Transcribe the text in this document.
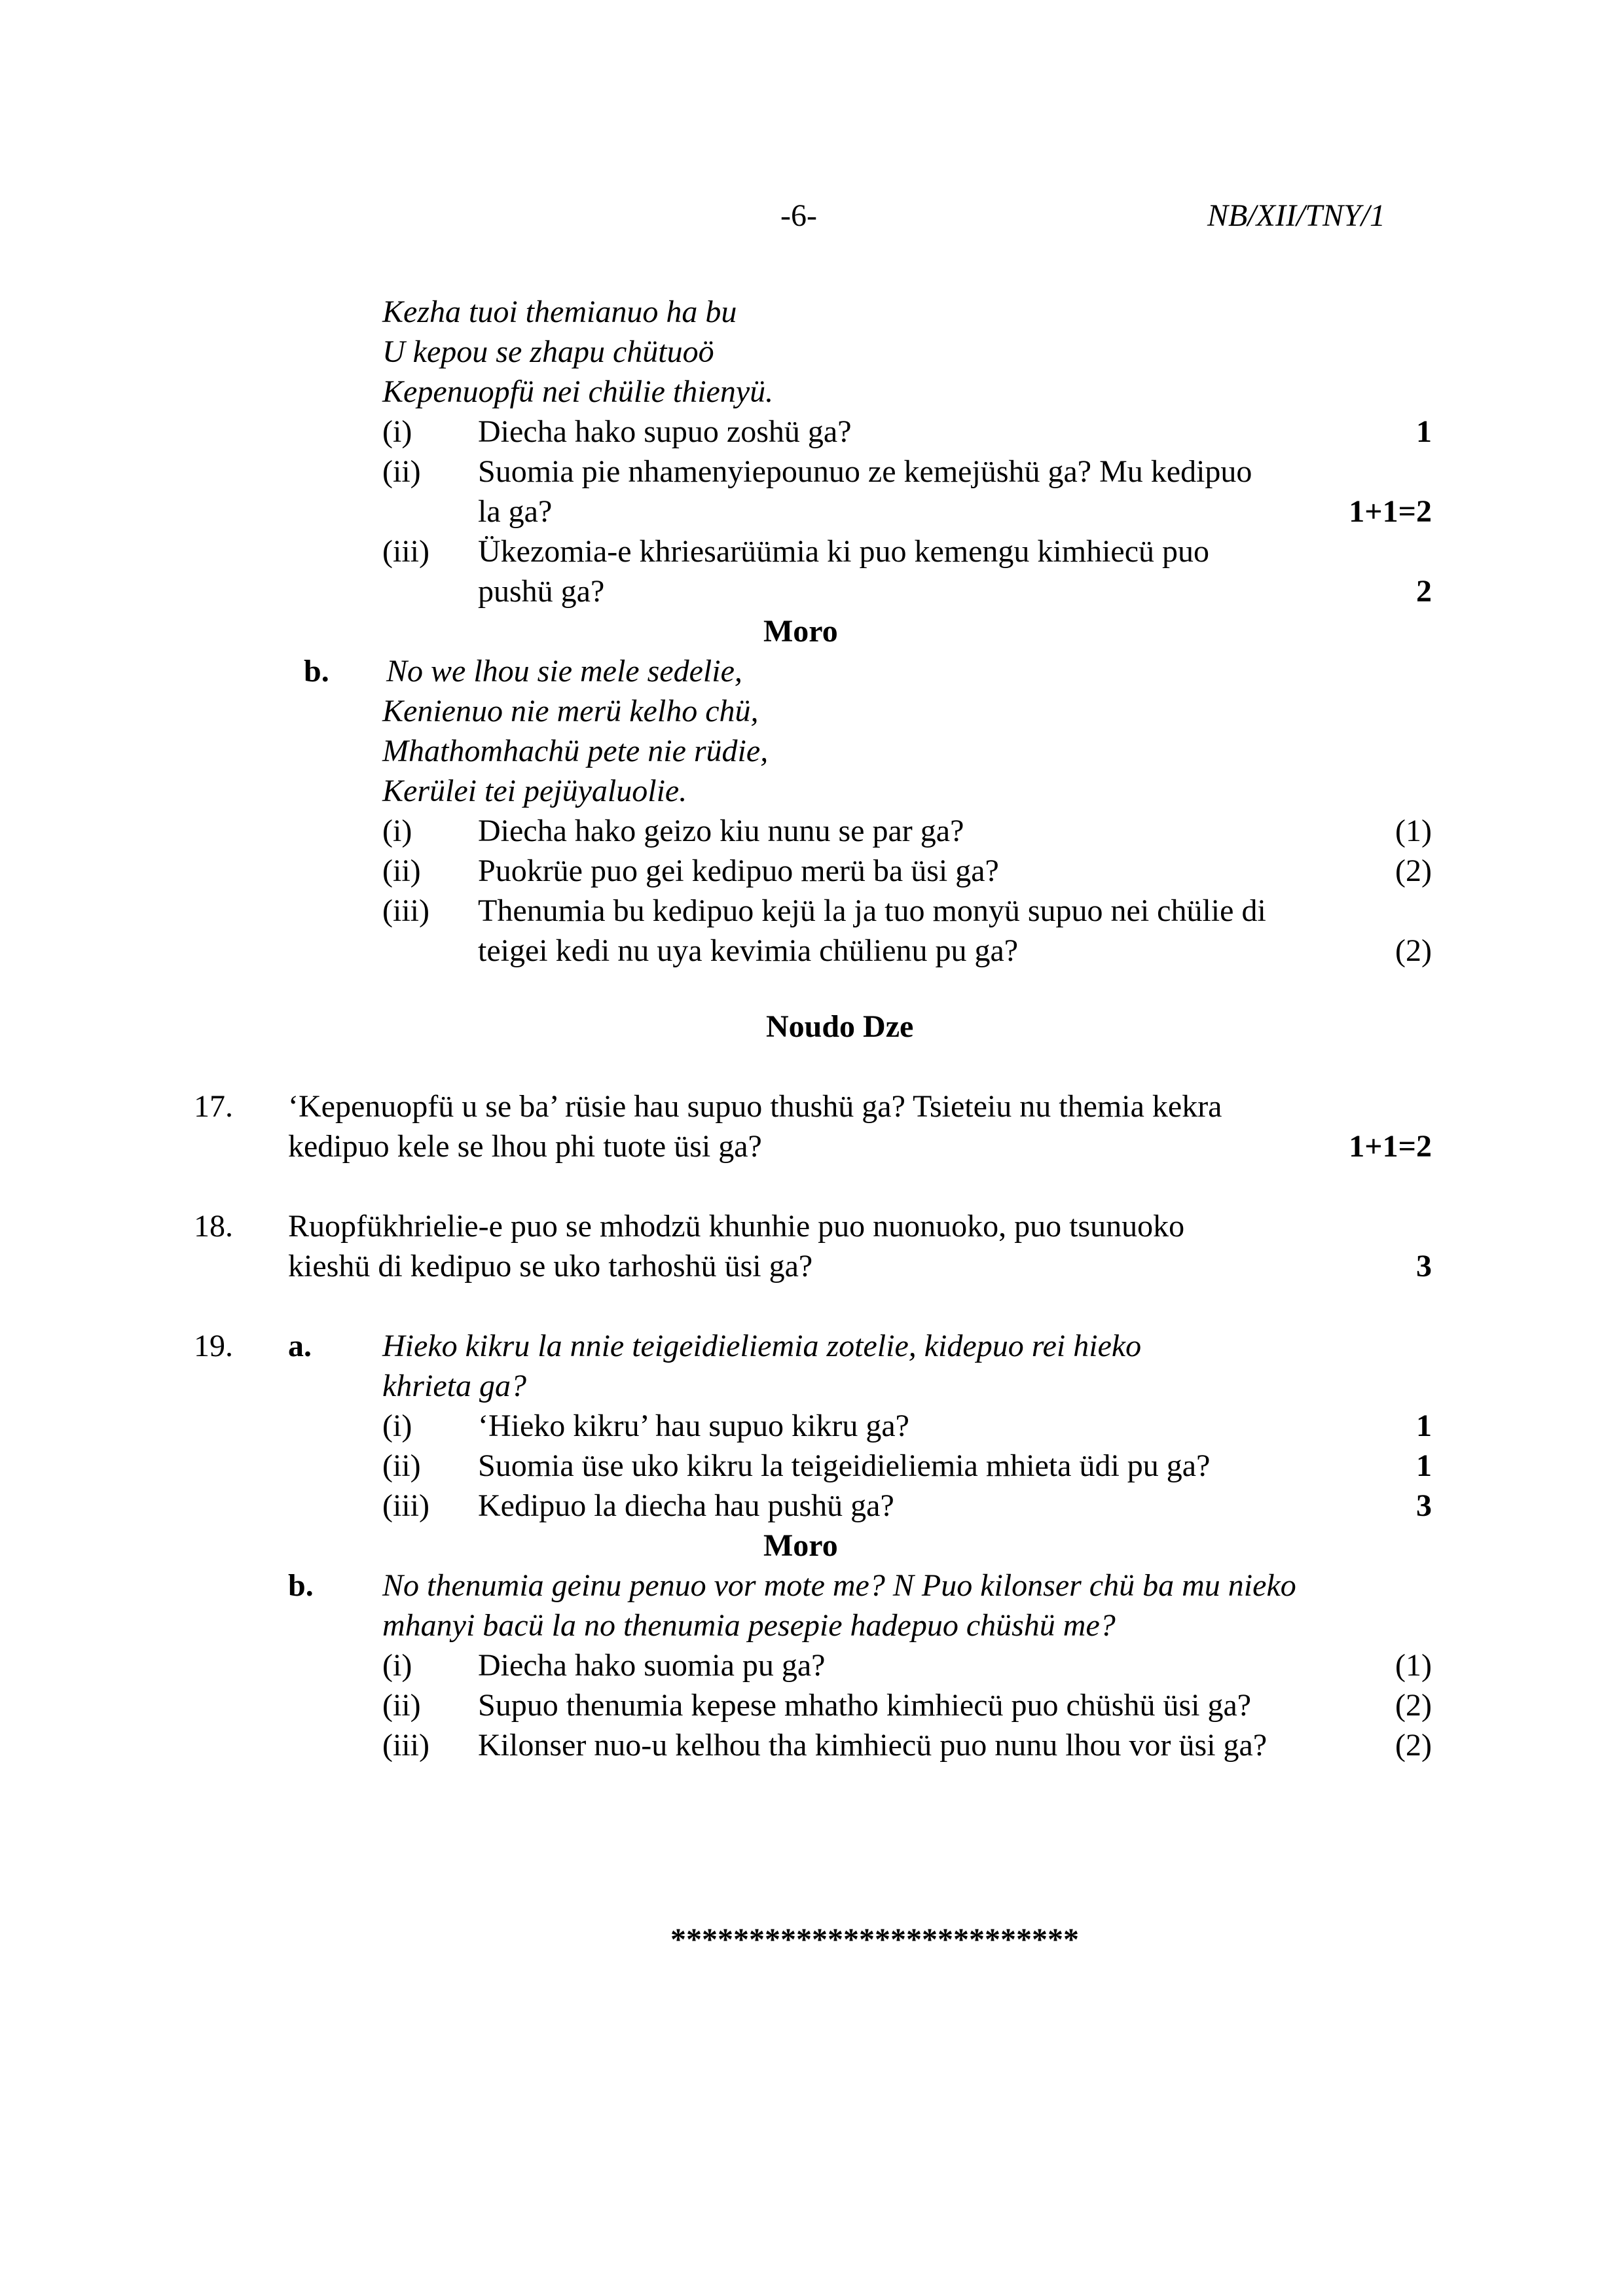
-6-	NB/XII/TNY/1
Kezha tuoi themianuo ha bu
U kepou se zhapu chütuoö
Kepenuopfü nei chülie thienyü.
(i) Diecha hako supuo zoshü ga?	1
(ii) Suomia pie nhamenyiepounuo ze kemejüshü ga? Mu kedipuo
la ga?	1+1=2
(iii) Ükezomia-e khriesarüümia ki puo kemengu kimhiecü puo
pushü ga?	2
Moro
b. No we lhou sie mele sedelie,
Kenienuo nie merü kelho chü,
Mhathomhachü pete nie rüdie,
Kerülei tei pejüyaluolie.
(i) Diecha hako geizo kiu nunu se par ga?	(1)
(ii) Puokrüe puo gei kedipuo merü ba üsi ga?	(2)
(iii) Thenumia bu kedipuo kejü la ja tuo monyü supuo nei chülie di
teigei kedi nu uya kevimia chülienu pu ga?	(2)
Noudo Dze
17. ‘Kepenuopfü u se ba’ rüsie hau supuo thushü ga? Tsieteiu nu themia kekra
kedipuo kele se lhou phi tuote üsi ga?	1+1=2
18. Ruopfükhrielie-e puo se mhodzü khunhie puo nuonuoko, puo tsunuoko
kieshü di kedipuo se uko tarhoshü üsi ga?	3
19. a. Hieko kikru la nnie teigeidieliemia zotelie, kidepuo rei hieko
khrieta ga?
(i) ‘Hieko kikru’ hau supuo kikru ga?	1
(ii) Suomia üse uko kikru la teigeidieliemia mhieta üdi pu ga?	1
(iii) Kedipuo la diecha hau pushü ga?	3
Moro
b. No thenumia geinu penuo vor mote me? N Puo kilonser chü ba mu nieko
mhanyi bacü la no thenumia pesepie hadepuo chüshü me?
(i) Diecha hako suomia pu ga?	(1)
(ii) Supuo thenumia kepese mhatho kimhiecü puo chüshü üsi ga?	(2)
(iii) Kilonser nuo-u kelhou tha kimhiecü puo nunu lhou vor üsi ga?	(2)
**************************
